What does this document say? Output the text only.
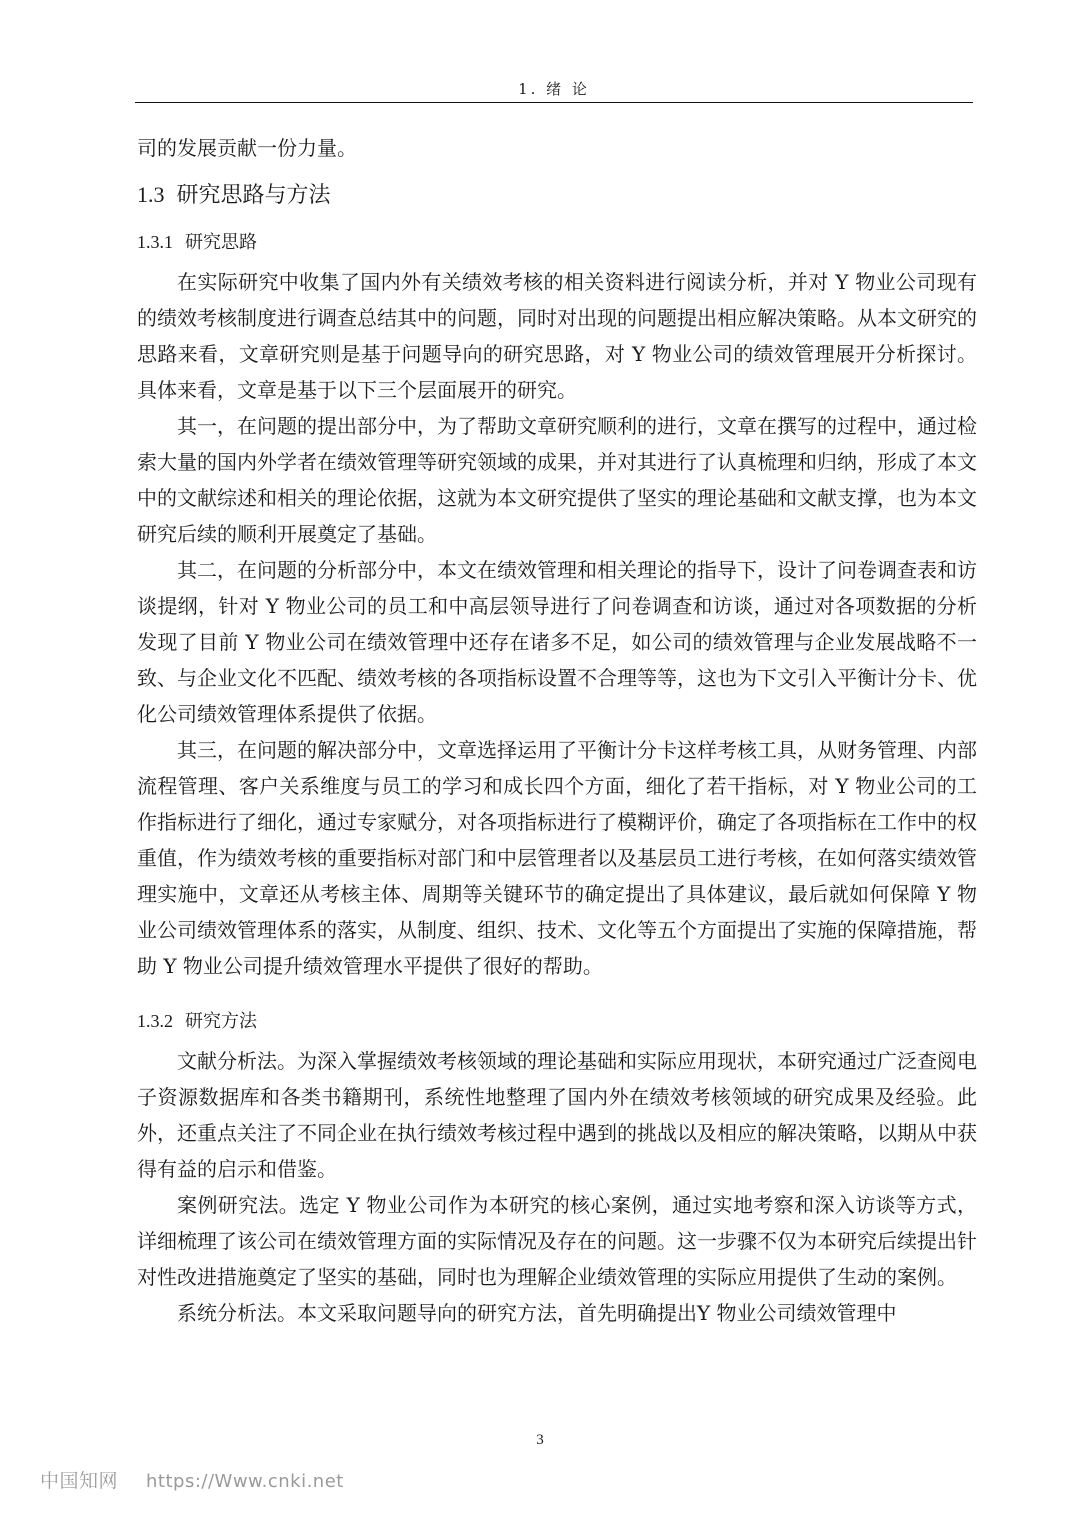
1. 绪 论

司的发展贡献一份力量。

1.3 研究思路与方法
1.3.1 研究思路

在实际研究中收集了国内外有关绩效考核的相关资料进行阅读分析，并对 Y 物业公司现有的绩效考核制度进行调查总结其中的问题，同时对出现的问题提出相应解决策略。从本文研究的思路来看，文章研究则是基于问题导向的研究思路，对 Y 物业公司的绩效管理展开分析探讨。具体来看，文章是基于以下三个层面展开的研究。

其一，在问题的提出部分中，为了帮助文章研究顺利的进行，文章在撰写的过程中，通过检索大量的国内外学者在绩效管理等研究领域的成果，并对其进行了认真梳理和归纳，形成了本文中的文献综述和相关的理论依据，这就为本文研究提供了坚实的理论基础和文献支撑，也为本文研究后续的顺利开展奠定了基础。

其二，在问题的分析部分中，本文在绩效管理和相关理论的指导下，设计了问卷调查表和访谈提纲，针对 Y 物业公司的员工和中高层领导进行了问卷调查和访谈，通过对各项数据的分析发现了目前 Y 物业公司在绩效管理中还存在诸多不足，如公司的绩效管理与企业发展战略不一致、与企业文化不匹配、绩效考核的各项指标设置不合理等等，这也为下文引入平衡计分卡、优化公司绩效管理体系提供了依据。

其三，在问题的解决部分中，文章选择运用了平衡计分卡这样考核工具，从财务管理、内部流程管理、客户关系维度与员工的学习和成长四个方面，细化了若干指标，对 Y 物业公司的工作指标进行了细化，通过专家赋分，对各项指标进行了模糊评价，确定了各项指标在工作中的权重值，作为绩效考核的重要指标对部门和中层管理者以及基层员工进行考核，在如何落实绩效管理实施中，文章还从考核主体、周期等关键环节的确定提出了具体建议，最后就如何保障 Y 物业公司绩效管理体系的落实，从制度、组织、技术、文化等五个方面提出了实施的保障措施，帮助 Y 物业公司提升绩效管理水平提供了很好的帮助。

1.3.2 研究方法

文献分析法。为深入掌握绩效考核领域的理论基础和实际应用现状，本研究通过广泛查阅电子资源数据库和各类书籍期刊，系统性地整理了国内外在绩效考核领域的研究成果及经验。此外，还重点关注了不同企业在执行绩效考核过程中遇到的挑战以及相应的解决策略，以期从中获得有益的启示和借鉴。

案例研究法。选定 Y 物业公司作为本研究的核心案例，通过实地考察和深入访谈等方式，详细梳理了该公司在绩效管理方面的实际情况及存在的问题。这一步骤不仅为本研究后续提出针对性改进措施奠定了坚实的基础，同时也为理解企业绩效管理的实际应用提供了生动的案例。

系统分析法。本文采取问题导向的研究方法，首先明确提出Y 物业公司绩效管理中

3
中国知网 https://Www.cnki.net
